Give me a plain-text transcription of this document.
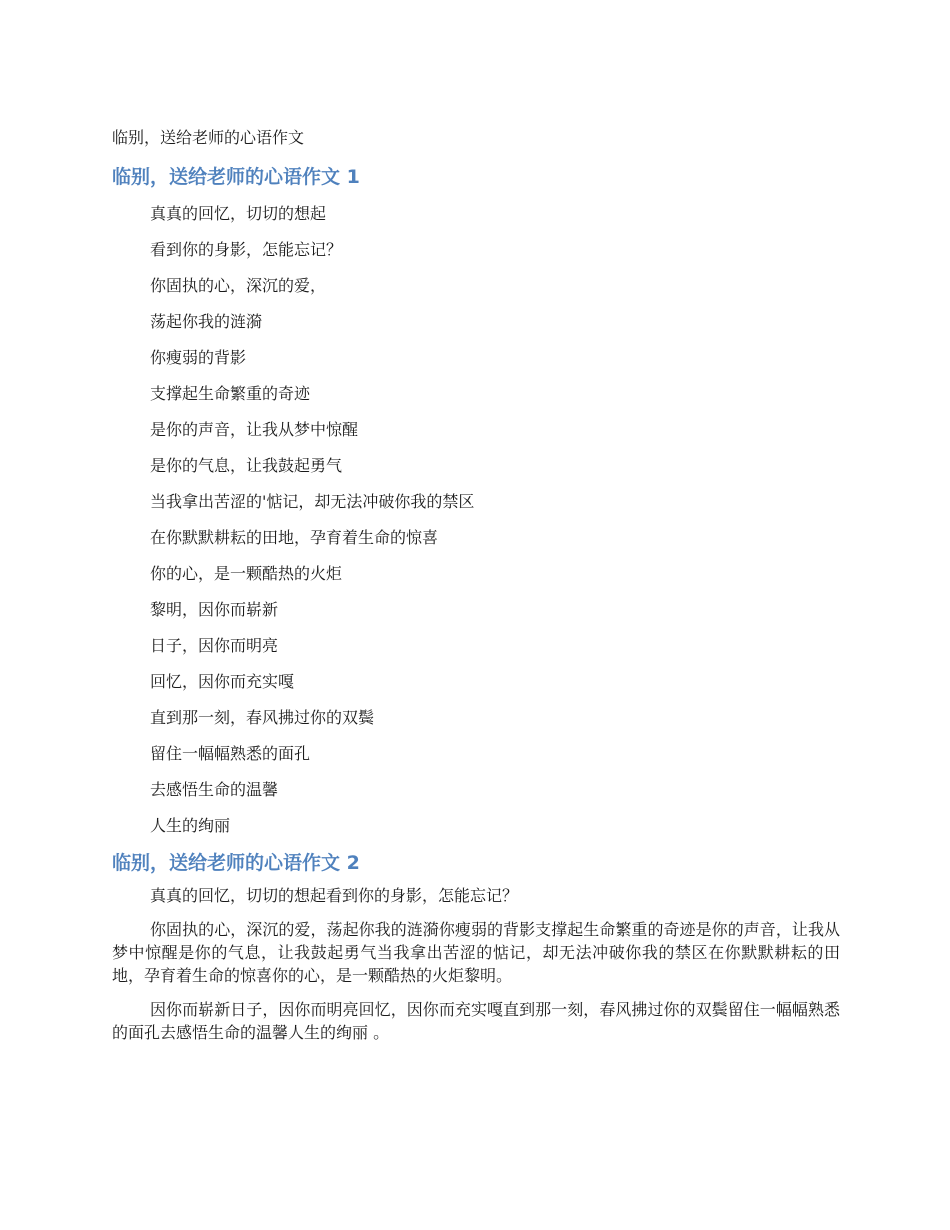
临别，送给老师的心语作文
临别，送给老师的心语作文 1
真真的回忆，切切的想起
看到你的身影，怎能忘记？
你固执的心，深沉的爱，
荡起你我的涟漪
你瘦弱的背影
支撑起生命繁重的奇迹
是你的声音，让我从梦中惊醒
是你的气息，让我鼓起勇气
当我拿出苦涩的'惦记，却无法冲破你我的禁区
在你默默耕耘的田地，孕育着生命的惊喜
你的心，是一颗酷热的火炬
黎明，因你而崭新
日子，因你而明亮
回忆，因你而充实嘎
直到那一刻，春风拂过你的双鬓
留住一幅幅熟悉的面孔
去感悟生命的温馨
人生的绚丽
临别，送给老师的心语作文 2

真真的回忆，切切的想起看到你的身影，怎能忘记？

你固执的心，深沉的爱，荡起你我的涟漪你瘦弱的背影支撑起生命繁重的奇迹是你的声音，让我从梦中惊醒是你的气息，让我鼓起勇气当我拿出苦涩的惦记，却无法冲破你我的禁区在你默默耕耘的田地，孕育着生命的惊喜你的心，是一颗酷热的火炬黎明。

因你而崭新日子，因你而明亮回忆，因你而充实嘎直到那一刻，春风拂过你的双鬓留住一幅幅熟悉的面孔去感悟生命的温馨人生的绚丽 。
